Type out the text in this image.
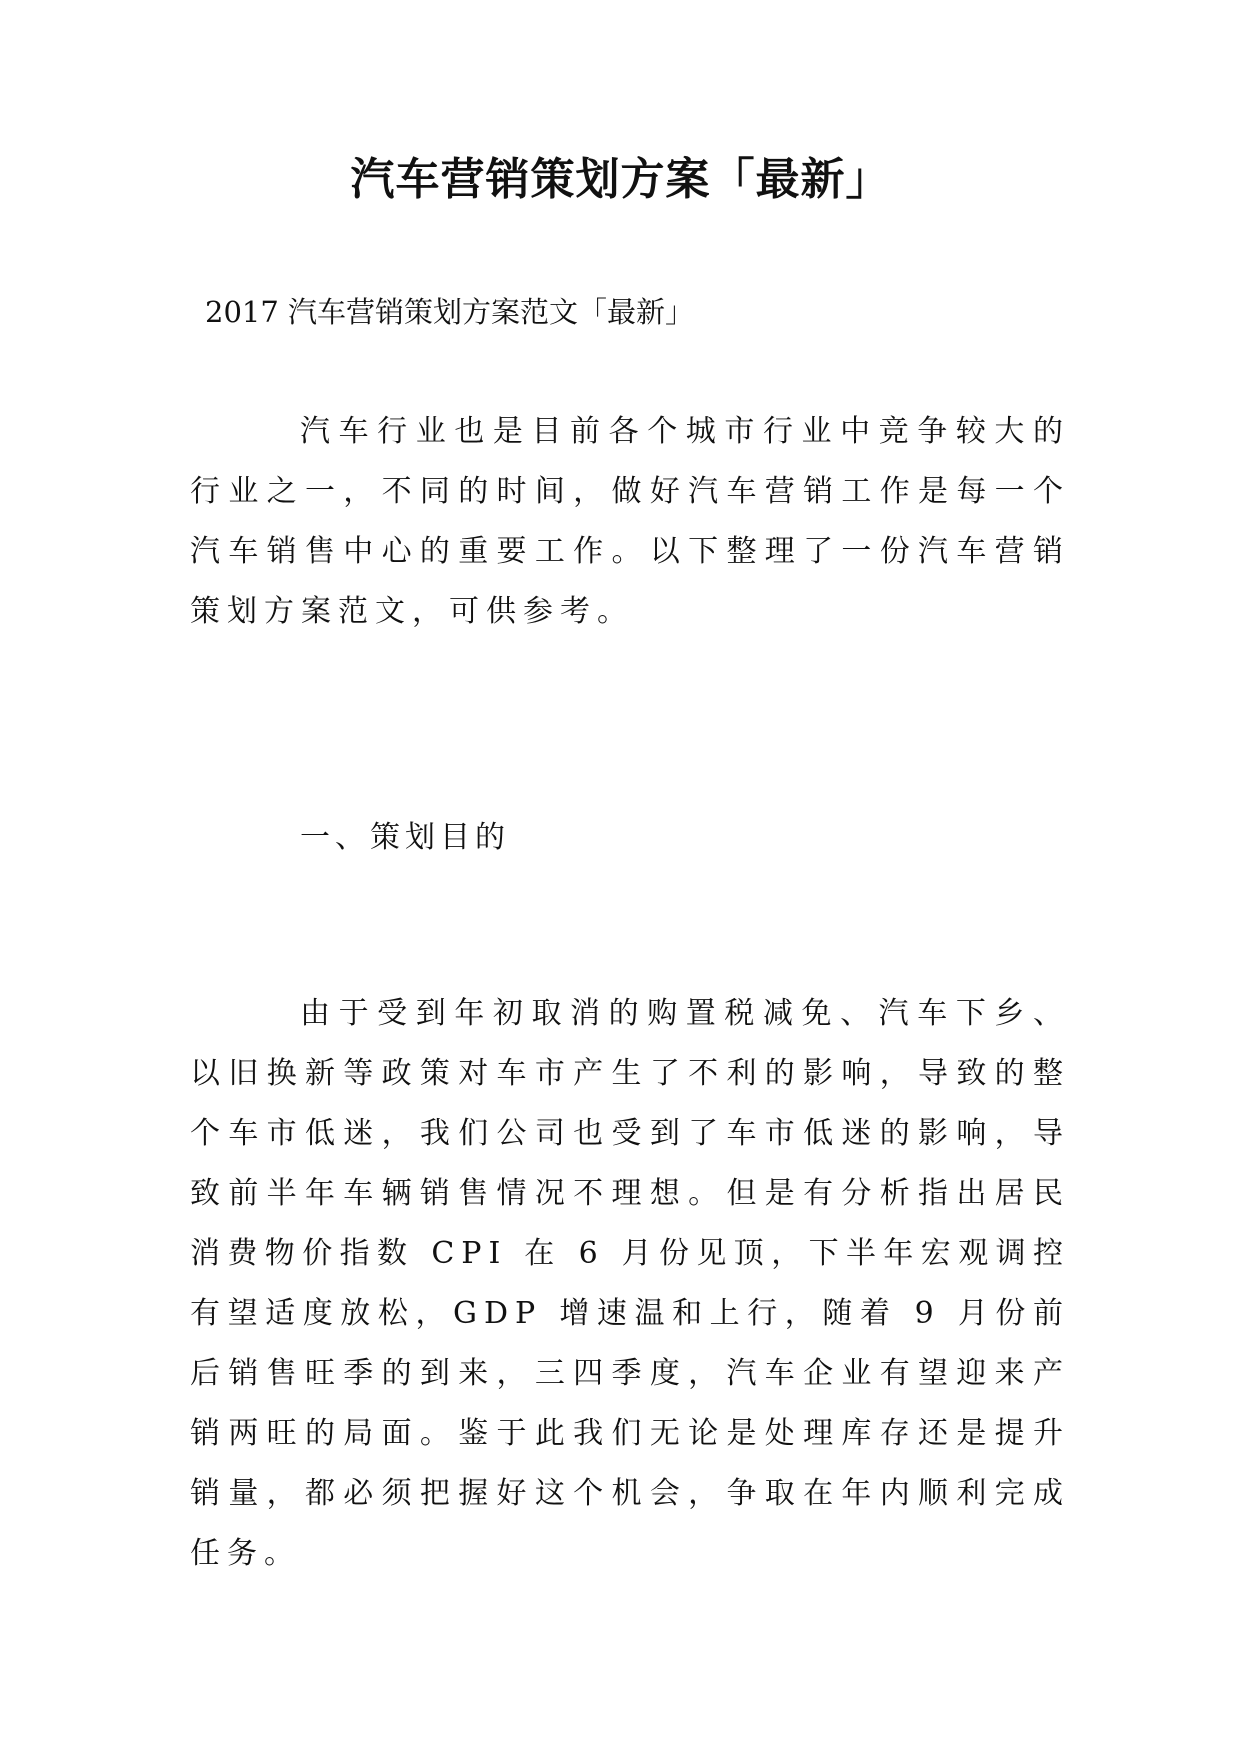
汽车营销策划方案「最新」

2017 汽车营销策划方案范文「最新」

汽车行业也是目前各个城市行业中竞争较大的行业之一，不同的时间，做好汽车营销工作是每一个汽车销售中心的重要工作。以下整理了一份汽车营销策划方案范文，可供参考。

一、策划目的

由于受到年初取消的购置税减免、汽车下乡、以旧换新等政策对车市产生了不利的影响，导致的整个车市低迷，我们公司也受到了车市低迷的影响，导致前半年车辆销售情况不理想。但是有分析指出居民消费物价指数 CPI 在 6 月份见顶，下半年宏观调控有望适度放松，GDP 增速温和上行，随着 9 月份前后销售旺季的到来，三四季度，汽车企业有望迎来产销两旺的局面。鉴于此我们无论是处理库存还是提升销量，都必须把握好这个机会，争取在年内顺利完成任务。
